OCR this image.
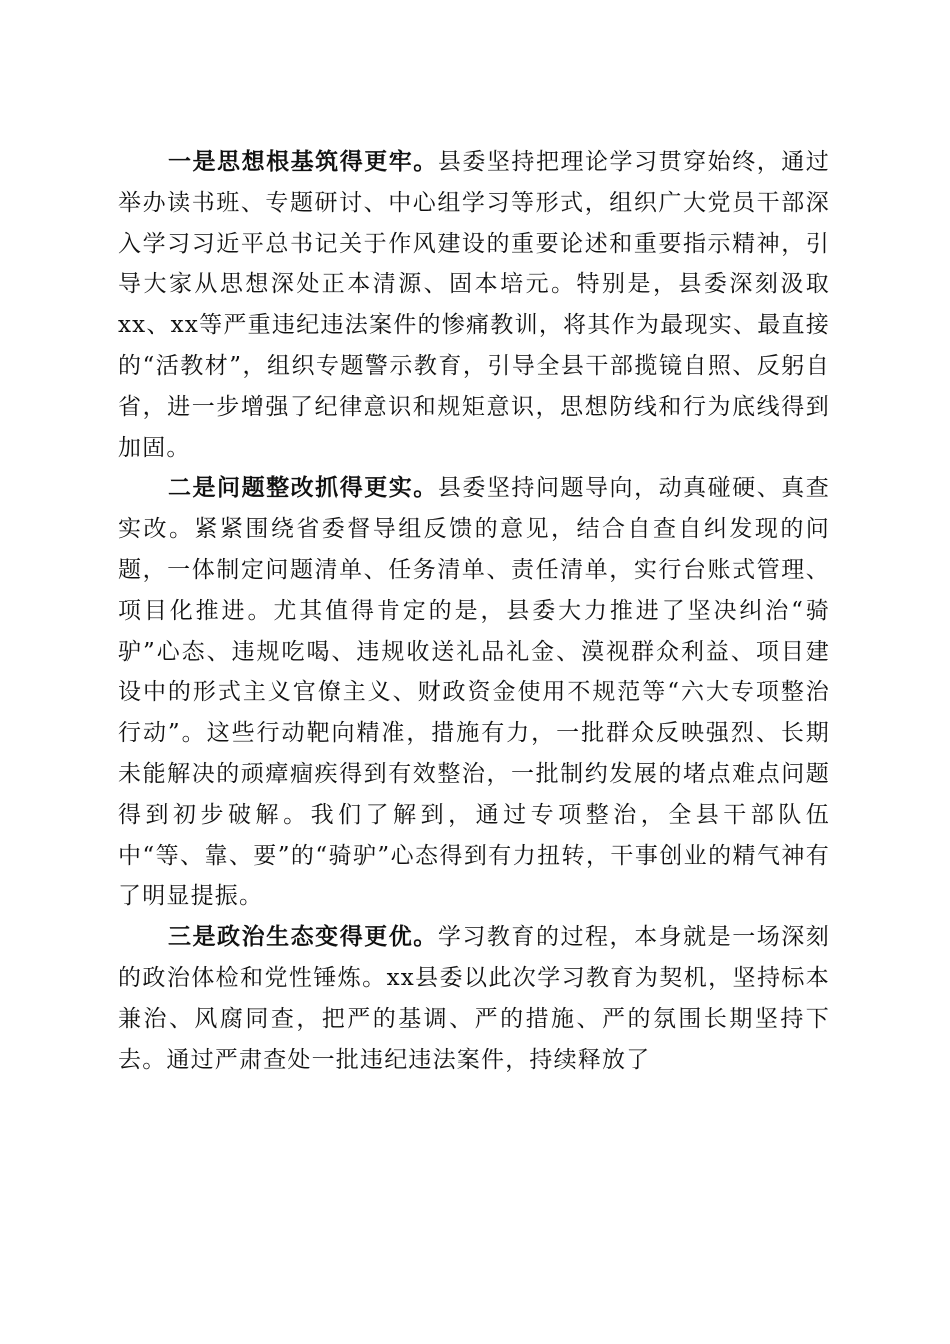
一是思想根基筑得更牢。县委坚持把理论学习贯穿始终，通过举办读书班、专题研讨、中心组学习等形式，组织广大党员干部深入学习习近平总书记关于作风建设的重要论述和重要指示精神，引导大家从思想深处正本清源、固本培元。特别是，县委深刻汲取xx、xx等严重违纪违法案件的惨痛教训，将其作为最现实、最直接的“活教材”，组织专题警示教育，引导全县干部揽镜自照、反躬自省，进一步增强了纪律意识和规矩意识，思想防线和行为底线得到加固。

二是问题整改抓得更实。县委坚持问题导向，动真碰硬、真查实改。紧紧围绕省委督导组反馈的意见，结合自查自纠发现的问题，一体制定问题清单、任务清单、责任清单，实行台账式管理、项目化推进。尤其值得肯定的是，县委大力推进了坚决纠治“骑驴”心态、违规吃喝、违规收送礼品礼金、漠视群众利益、项目建设中的形式主义官僚主义、财政资金使用不规范等“六大专项整治行动”。这些行动靶向精准，措施有力，一批群众反映强烈、长期未能解决的顽瘴痼疾得到有效整治，一批制约发展的堵点难点问题得到初步破解。我们了解到，通过专项整治，全县干部队伍中“等、靠、要”的“骑驴”心态得到有力扭转，干事创业的精气神有了明显提振。

三是政治生态变得更优。学习教育的过程，本身就是一场深刻的政治体检和党性锤炼。xx县委以此次学习教育为契机，坚持标本兼治、风腐同查，把严的基调、严的措施、严的氛围长期坚持下去。通过严肃查处一批违纪违法案件，持续释放了
